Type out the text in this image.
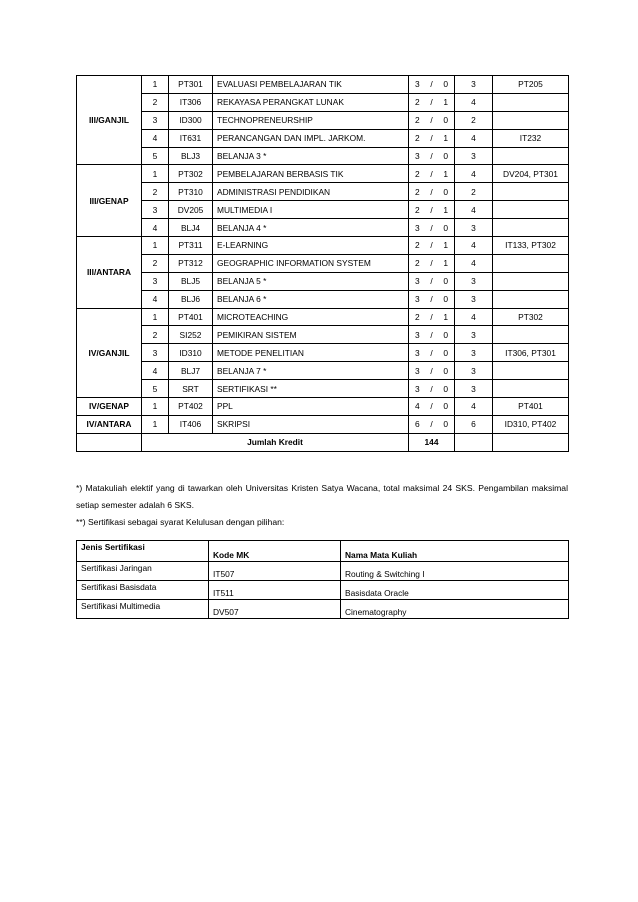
III/GANJIL	1	PT301	EVALUASI PEMBELAJARAN TIK	3 / 0	3	PT205
	2	IT306	REKAYASA PERANGKAT LUNAK	2 / 1	4	
	3	ID300	TECHNOPRENEURSHIP	2 / 0	2	
	4	IT631	PERANCANGAN DAN IMPL. JARKOM.	2 / 1	4	IT232
	5	BLJ3	BELANJA 3 *	3 / 0	3	
III/GENAP	1	PT302	PEMBELAJARAN BERBASIS TIK	2 / 1	4	DV204, PT301
	2	PT310	ADMINISTRASI PENDIDIKAN	2 / 0	2	
	3	DV205	MULTIMEDIA I	2 / 1	4	
	4	BLJ4	BELANJA 4 *	3 / 0	3	
III/ANTARA	1	PT311	E-LEARNING	2 / 1	4	IT133, PT302
	2	PT312	GEOGRAPHIC INFORMATION SYSTEM	2 / 1	4	
	3	BLJ5	BELANJA 5 *	3 / 0	3	
	4	BLJ6	BELANJA 6 *	3 / 0	3	
IV/GANJIL	1	PT401	MICROTEACHING	2 / 1	4	PT302
	2	SI252	PEMIKIRAN SISTEM	3 / 0	3	
	3	ID310	METODE PENELITIAN	3 / 0	3	IT306, PT301
	4	BLJ7	BELANJA 7 *	3 / 0	3	
	5	SRT	SERTIFIKASI **	3 / 0	3	
IV/GENAP	1	PT402	PPL	4 / 0	4	PT401
IV/ANTARA	1	IT406	SKRIPSI	6 / 0	6	ID310, PT402
	Jumlah Kredit			144		

*) Matakuliah elektif yang di tawarkan oleh Universitas Kristen Satya Wacana, total maksimal 24 SKS. Pengambilan maksimal setiap semester adalah 6 SKS.

**) Sertifikasi sebagai syarat Kelulusan dengan pilihan:

Jenis Sertifikasi	Kode MK	Nama Mata Kuliah
Sertifikasi Jaringan	IT507	Routing & Switching I
Sertifikasi Basisdata	IT511	Basisdata Oracle
Sertifikasi Multimedia	DV507	Cinematography
